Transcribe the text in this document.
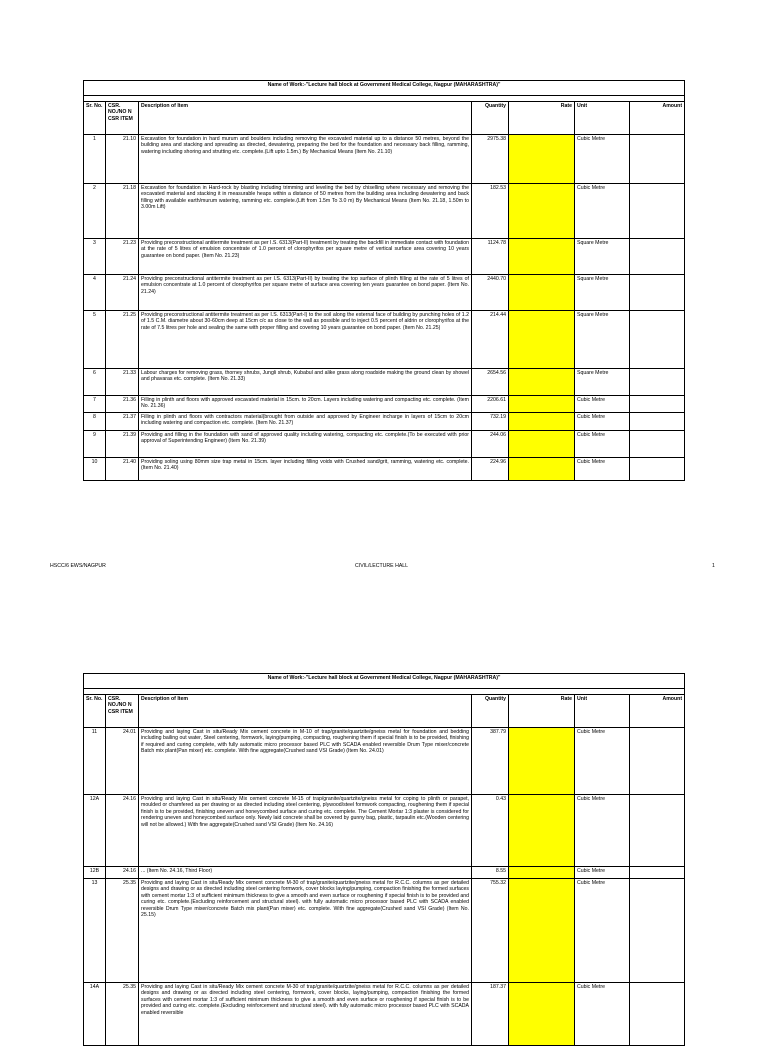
Name of Work:-"Lecture hall block at Government Medical College, Nagpur (MAHARASHTRA)"						

Sr. No.	CSR. NO./NO N CSR ITEM	Description of Item	Quantity	Rate	Unit	Amount
1	21.10	Excavation for foundation in hard murum and boulders including removing the excavated material up to a distance 50 metres, beyond the building area and stacking and spreading as directed, dewatering, preparing the bed for the foundation and necessary back filling, ramming, watering including shoring and strutting etc. complete.(Lift upto 1.5m.) By Mechanical Means (Item No. 21.10)	2975.38		Cubic Metre	
2	21.18	Excavation for foundation in Hard-rock by blasting including trimming and leveling the bed by chiselling where necessary and removing the excavated material and stacking it in measurable heaps within a distance of 50 metres from the building area including dewatering and back filling with available earth/murum watering, ramming etc. complete.(Lift from 1.5m To 3.0 m) By Mechanical Means (Item No. 21.18, 1.50m to 3.00m Lift)	182.53		Cubic Metre	
3	21.23	Providing preconstructional antitermite treatment as per I.S. 6313(Part-II) treatment by treating the backfill in immediate contact with foundation at the rate of 5 litres of emulsion concentrate of 1.0 percent of clorophyrifos per square metre of vertical surface area covering 10 years guarantee on bond paper. (Item No. 21.23)	1124.78		Square Metre	
4	21.24	Providing preconstructional antitermite treatment as per I.S. 6313(Part-II) by treating the top surface of plinth filling at the rate of 5 litres of emulsion concentrate at 1.0 percent of clorophyrifos per square metre of surface area covering ten years guarantee on bond paper. (Item No. 21.24)	2440.70		Square Metre	
5	21.25	Providing preconstructional antitermite treatment as per I.S. 6313(Part-I) to the soil along the external face of building by punching holes of 1.2 of 1.5 C.M. diametre about 30-60cm deep at 15cm c/c as close to the wall as possible and to inject 0.5 percent of aldrin or clorophyrifos at the rate of 7.5 litres per hole and sealing the same with proper filling and covering 10 years guarantee on bond paper. (Item No. 21.25)	214.44		Square Metre	
6	21.33	Labour charges for removing grass, thorney shrubs, Jungli shrub, Kubabul and alike grass along roadside making the ground clean by showel and phavaras etc. complete. (Item No. 21.33)	2654.56		Square Metre	
7	21.36	Filling in plinth and floors with approved excavated material in 15cm. to 20cm. Layers including watering and compacting etc. complete. (Item No. 21.36)	2206.61		Cubic Metre	
8	21.37	Filling in plinth and floors with contractors material(brought from outside and approved by Engineer incharge in layers of 15cm to 20cm including watering and compaction etc. complete. (Item No. 21.37)	732.19		Cubic Metre	
9	21.39	Providing and filling in the foundation with sand of approved quality including watering, compacting etc. complete.(To be executed with prior approval of Superintending Engineer) (Item No. 21.39)	244.06		Cubic Metre	
10	21.40	Providing soling using 80mm size trap metal in 15cm. layer including filling voids with Crushed sand/grit, ramming, watering etc. complete. (Item No. 21.40)	224.96		Cubic Metre	
HSCC/6 EWS/NAGPUR	CIVIL/LECTURE HALL	1
Name of Work:-"Lecture hall block at Government Medical College, Nagpur (MAHARASHTRA)"						

Sr. No.	CSR. NO./NO N CSR ITEM	Description of Item	Quantity	Rate	Unit	Amount
11	24.01	Providing and laying Cast in situ/Ready Mix cement concrete in M-10 of trap/granite/quartzite/gneiss metal for foundation and bedding including bailing out water, Steel centering, formwork, laying/pumping, compacting, roughening them if special finish is to be provided, finishing if required and curing complete, with fully automatic micro processor based PLC with SCADA enabled reversible Drum Type mixer/concrete Batch mix plant(Pan mixer) etc. complete. With fine aggregate(Crushed sand VSI Grade) (Item No. 24.01)	387.79		Cubic Metre	
12A	24.16	Providing and laying Cast in situ/Ready Mix cement concrete M-15 of trap/granite/quartzite/gneiss metal for coping to plinth or parapet, moulded or chamfered as per drawing or as directed including steel centering, plywood/steel formwork compacting, roughening them if special finish is to be provided, finishing uneven and honeycombed surface and curing etc. complete. The Cement Mortar 1:3 plaster is considered for rendering uneven and honeycombed surface only. Newly laid concrete shall be covered by gunny bag, plastic, tarpaulin etc.(Wooden centering will not be allowed.) With fine aggregate(Crushed sand VSI Grade) (Item No. 24.16)	0.43		Cubic Metre	
12B	24.16	... (Item No. 24.16, Third Floor)	8.55		Cubic Metre	
13	25.35	Providing and laying Cast in situ/Ready Mix cement concrete M-30 of trap/granite/quartzite/gneiss metal for R.C.C. columns as per detailed designs and drawing or as directed including steel centering formwork, cover blocks laying/pumping, compaction finishing the formed surfaces with cement mortar 1:3 of sufficient minimum thickness to give a smooth and even surface or roughening if special finish is to be provided and curing etc. complete.(Excluding reinforcement and structural steel). with fully automatic micro processor based PLC with SCADA enabled reversible Drum Type mixer/concrete Batch mix plant(Pan mixer) etc. complete. With fine aggregate(Crushed sand VSI Grade) (Item No. 25.15)	755.32		Cubic Metre	
14A	25.35	Providing and laying Cast in situ/Ready Mix cement concrete M-30 of trap/granite/quartzite/gneiss metal for R.C.C. columns as per detailed designs and drawing or as directed including steel centering, formwork, cover blocks, laying/pumping, compaction finishing the formed surfaces with cement mortar 1:3 of sufficient minimum thickness to give a smooth and even surface or roughening if special finish is to be provided and curing etc. complete.(Excluding reinforcement and structural steel). with fully automatic micro processor based PLC with SCADA enabled reversible	187.37		Cubic Metre	
